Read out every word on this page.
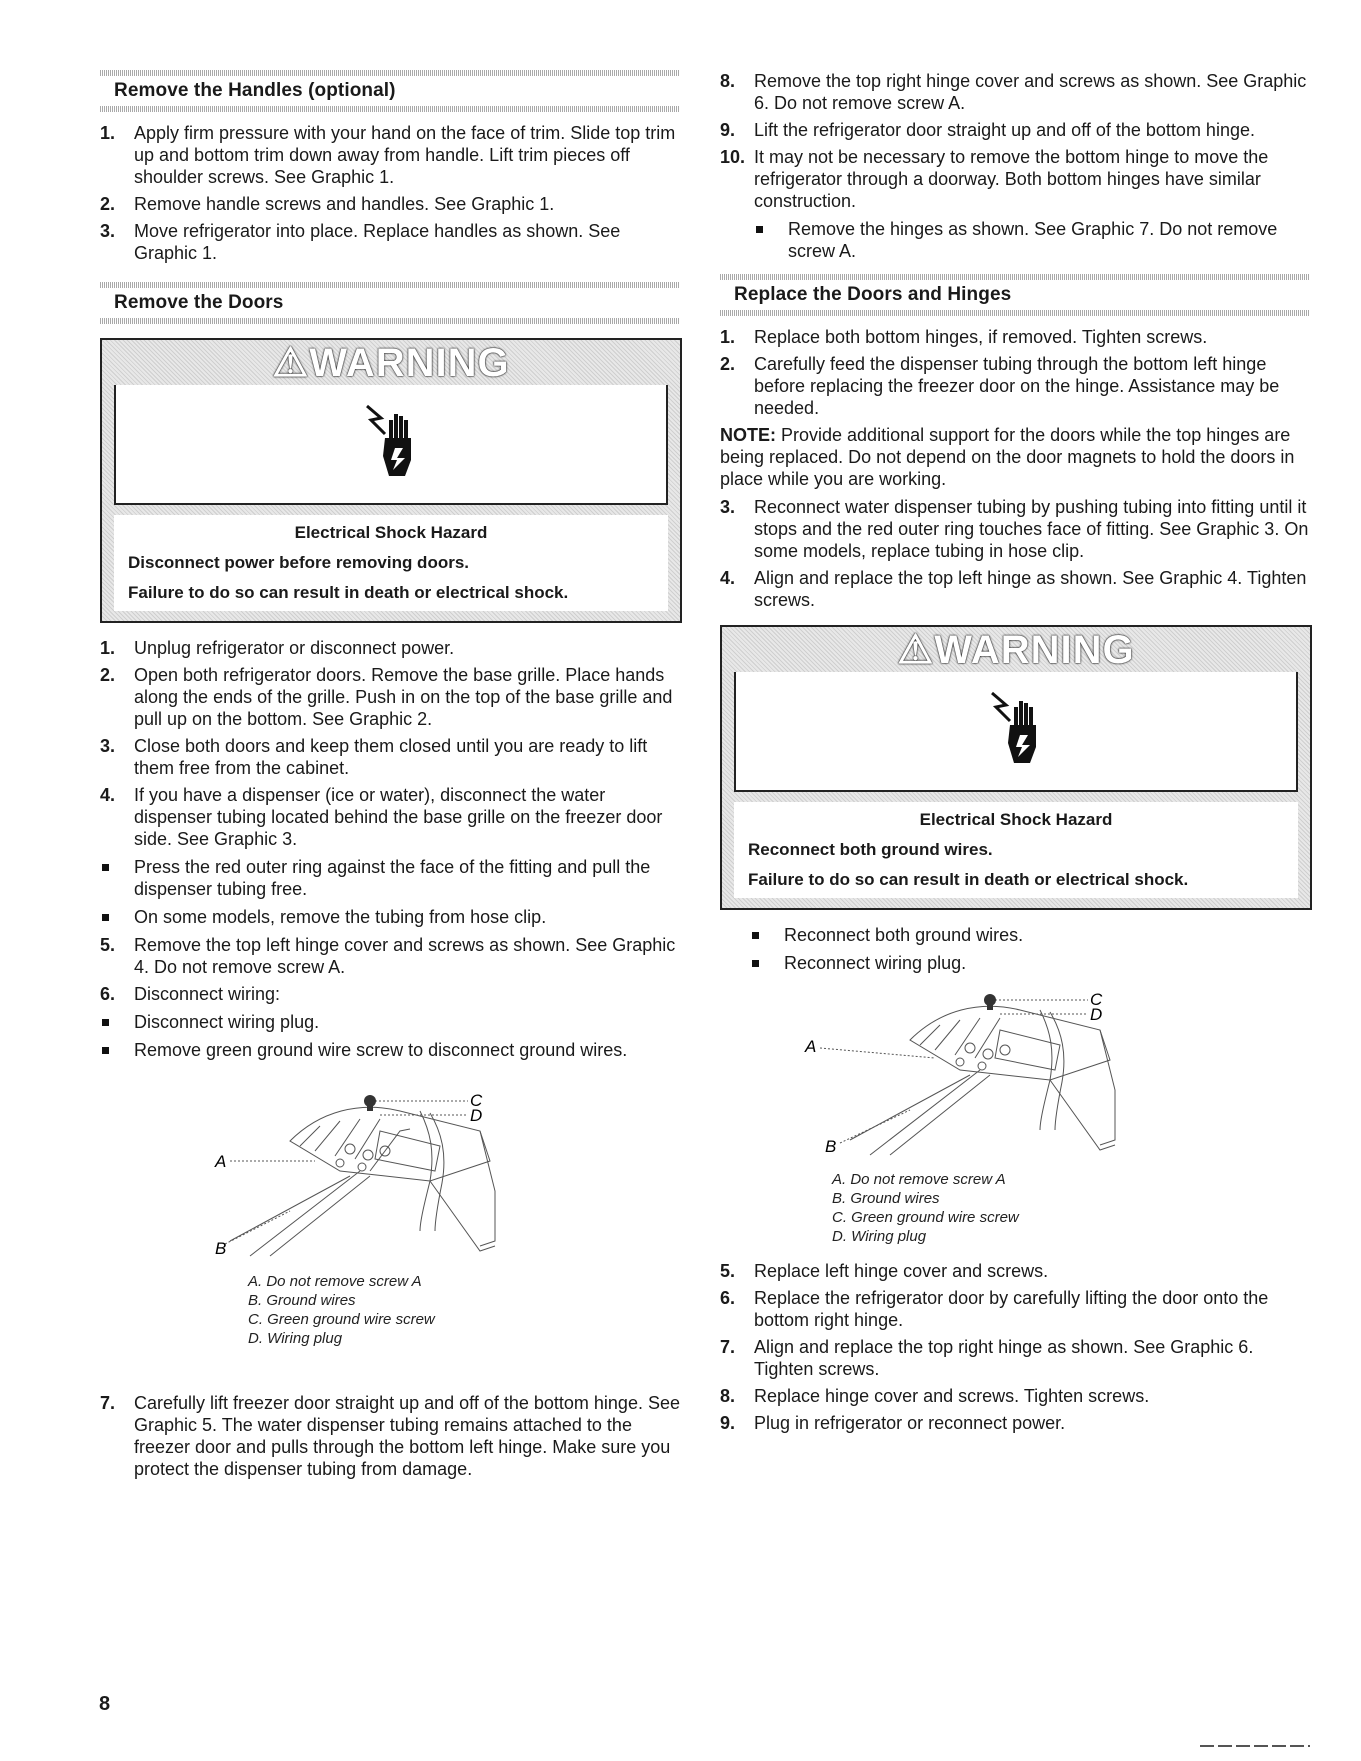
Remove the Handles (optional)
1.	Apply firm pressure with your hand on the face of trim. Slide top trim up and bottom trim down away from handle. Lift trim pieces off shoulder screws. See Graphic 1.
2.	Remove handle screws and handles. See Graphic 1.
3.	Move refrigerator into place. Replace handles as shown. See Graphic 1.
Remove the Doors
⚠WARNING
Electrical Shock Hazard
Disconnect power before removing doors.
Failure to do so can result in death or electrical shock.
1.	Unplug refrigerator or disconnect power.
2.	Open both refrigerator doors. Remove the base grille. Place hands along the ends of the grille. Push in on the top of the base grille and pull up on the bottom. See Graphic 2.
3.	Close both doors and keep them closed until you are ready to lift them free from the cabinet.
4.	If you have a dispenser (ice or water), disconnect the water dispenser tubing located behind the base grille on the freezer door side. See Graphic 3.
Press the red outer ring against the face of the fitting and pull the dispenser tubing free.
On some models, remove the tubing from hose clip.
5.	Remove the top left hinge cover and screws as shown. See Graphic 4. Do not remove screw A.
6.	Disconnect wiring:
Disconnect wiring plug.
Remove green ground wire screw to disconnect ground wires.
C
D
A
B
A. Do not remove screw A
B. Ground wires
C. Green ground wire screw
D. Wiring plug
7.	Carefully lift freezer door straight up and off of the bottom hinge. See Graphic 5. The water dispenser tubing remains attached to the freezer door and pulls through the bottom left hinge. Make sure you protect the dispenser tubing from damage.
8.	Remove the top right hinge cover and screws as shown. See Graphic 6. Do not remove screw A.
9.	Lift the refrigerator door straight up and off of the bottom hinge.
10. It may not be necessary to remove the bottom hinge to move the refrigerator through a doorway. Both bottom hinges have similar construction.
Remove the hinges as shown. See Graphic 7. Do not remove screw A.
Replace the Doors and Hinges
1.	Replace both bottom hinges, if removed. Tighten screws.
2.	Carefully feed the dispenser tubing through the bottom left hinge before replacing the freezer door on the hinge. Assistance may be needed.

NOTE: Provide additional support for the doors while the top hinges are being replaced. Do not depend on the door magnets to hold the doors in place while you are working.

3.	Reconnect water dispenser tubing by pushing tubing into fitting until it stops and the red outer ring touches face of fitting. See Graphic 3. On some models, replace tubing in hose clip.
4.	Align and replace the top left hinge as shown. See Graphic 4. Tighten screws.
⚠WARNING
Electrical Shock Hazard
Reconnect both ground wires.
Failure to do so can result in death or electrical shock.
Reconnect both ground wires.
Reconnect wiring plug.
C
D
A
B
A. Do not remove screw A
B. Ground wires
C. Green ground wire screw
D. Wiring plug
5.	Replace left hinge cover and screws.
6.	Replace the refrigerator door by carefully lifting the door onto the bottom right hinge.
7.	Align and replace the top right hinge as shown. See Graphic 6. Tighten screws.
8.	Replace hinge cover and screws. Tighten screws.
9.	Plug in refrigerator or reconnect power.
8
